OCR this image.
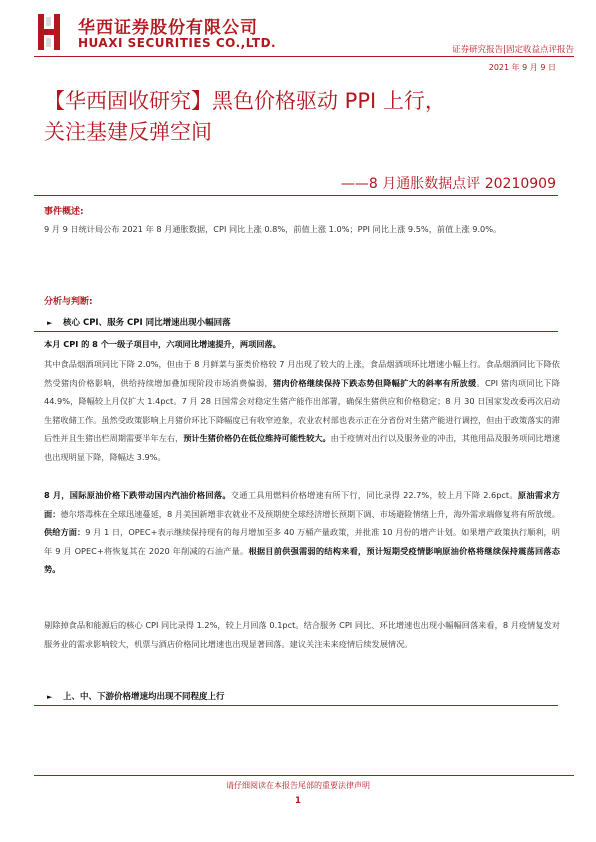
华西证券股份有限公司
HUAXI SECURITIES CO.,LTD.	证券研究报告|固定收益点评报告
2021 年 9 月 9 日
【华西固收研究】黑色价格驱动 PPI 上行，
关注基建反弹空间
——8 月通胀数据点评 20210909
事件概述:

9 月 9 日统计局公布 2021 年 8 月通胀数据，CPI 同比上涨 0.8%，前值上涨 1.0%；PPI 同比上涨 9.5%，前值上涨 9.0%。

分析与判断:
► 核心 CPI、服务 CPI 同比增速出现小幅回落

本月 CPI 的 8 个一级子项目中，六项同比增速提升，两项回落。

其中食品烟酒项同比下降 2.0%，但由于 8 月鲜菜与蛋类价格较 7 月出现了较大的上涨，食品烟酒项环比增速小幅上行。食品烟酒同比下降依然受猪肉价格影响，供给持续增加叠加现阶段市场消费偏弱，猪肉价格继续保持下跌态势但降幅扩大的斜率有所放缓。CPI 猪肉项同比下降 44.9%，降幅较上月仅扩大 1.4pct。7 月 28 日国常会对稳定生猪产能作出部署，确保生猪供应和价格稳定；8 月 30 日国家发改委再次启动生猪收储工作。虽然受政策影响上月猪价环比下降幅度已有收窄迹象，农业农村部也表示正在分省份对生猪产能进行调控，但由于政策落实的滞后性并且生猪出栏周期需要半年左右，预计生猪价格仍在低位维持可能性较大。由于疫情对出行以及服务业的冲击，其他用品及服务项同比增速也出现明显下降，降幅达 3.9%。

8 月，国际原油价格下跌带动国内汽油价格回落。交通工具用燃料价格增速有所下行，同比录得 22.7%，较上月下降 2.6pct。原油需求方面：德尔塔毒株在全球迅速蔓延，8 月美国新增非农就业不及预期使全球经济增长预期下调、市场避险情绪上升，海外需求端修复将有所放缓。供给方面：9 月 1 日，OPEC+表示继续保持现有的每月增加至多 40 万桶产量政策，并批准 10 月份的增产计划。如果增产政策执行顺利，明年 9 月 OPEC+将恢复其在 2020 年削减的石油产量。根据目前供强需弱的结构来看，预计短期受疫情影响原油价格将继续保持震荡回落态势。

剔除掉食品和能源后的核心 CPI 同比录得 1.2%，较上月回落 0.1pct。结合服务 CPI 同比、环比增速也出现小幅幅回落来看，8 月疫情复发对服务业的需求影响较大，机票与酒店价格同比增速也出现显著回落。建议关注未来疫情后续发展情况。

► 上、中、下游价格增速均出现不同程度上行
请仔细阅读在本报告尾部的重要法律声明
1
